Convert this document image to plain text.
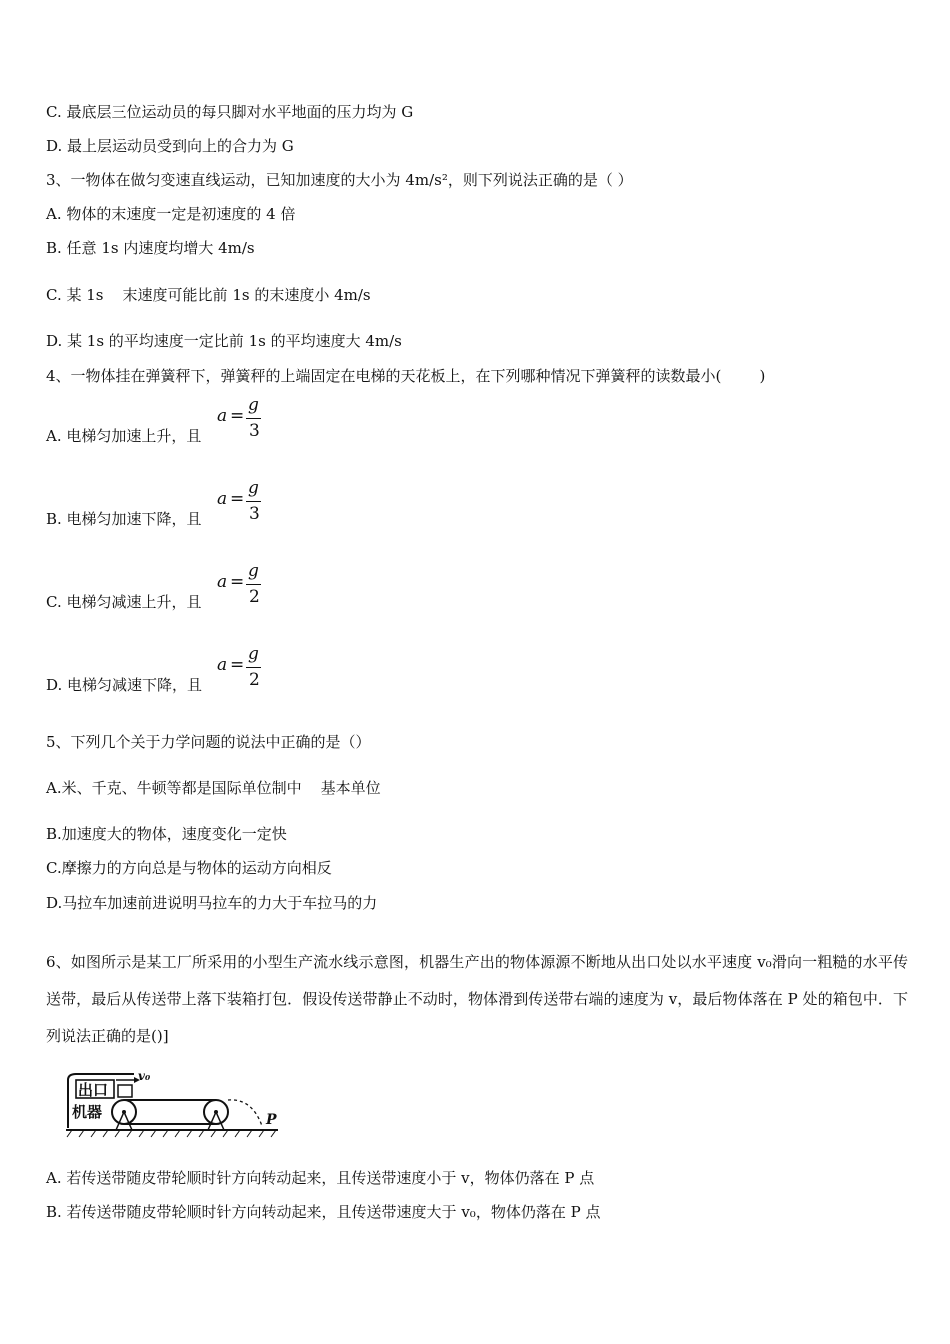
C. 最底层三位运动员的每只脚对水平地面的压力均为 G
D. 最上层运动员受到向上的合力为 G
3、一物体在做匀变速直线运动，已知加速度的大小为 4m/s²，则下列说法正确的是（ ）
A. 物体的末速度一定是初速度的 4 倍
B. 任意 1s 内速度均增大 4m/s
C. 某 1s    末速度可能比前 1s 的末速度小 4m/s
D. 某 1s 的平均速度一定比前 1s 的平均速度大 4m/s
4、一物体挂在弹簧秤下，弹簧秤的上端固定在电梯的天花板上，在下列哪种情况下弹簧秤的读数最小(        )
A. 电梯匀加速上升，且
a =
g
3
B. 电梯匀加速下降，且
a =
g
3
C. 电梯匀减速上升，且
a =
g
2
D. 电梯匀减速下降，且
a =
g
2
5、下列几个关于力学问题的说法中正确的是（）
A.米、千克、牛顿等都是国际单位制中    基本单位
B.加速度大的物体，速度变化一定快
C.摩擦力的方向总是与物体的运动方向相反
D.马拉车加速前进说明马拉车的力大于车拉马的力
6、如图所示是某工厂所采用的小型生产流水线示意图，机器生产出的物体源源不断地从出口处以水平速度 v₀滑向一粗糙的水平传送带，最后从传送带上落下装箱打包．假设传送带静止不动时，物体滑到传送带右端的速度为 v，最后物体落在 P 处的箱包中．下列说法正确的是()]
出口
v₀
机器	P
A. 若传送带随皮带轮顺时针方向转动起来，且传送带速度小于 v，物体仍落在 P 点
B. 若传送带随皮带轮顺时针方向转动起来，且传送带速度大于 v₀，物体仍落在 P 点
